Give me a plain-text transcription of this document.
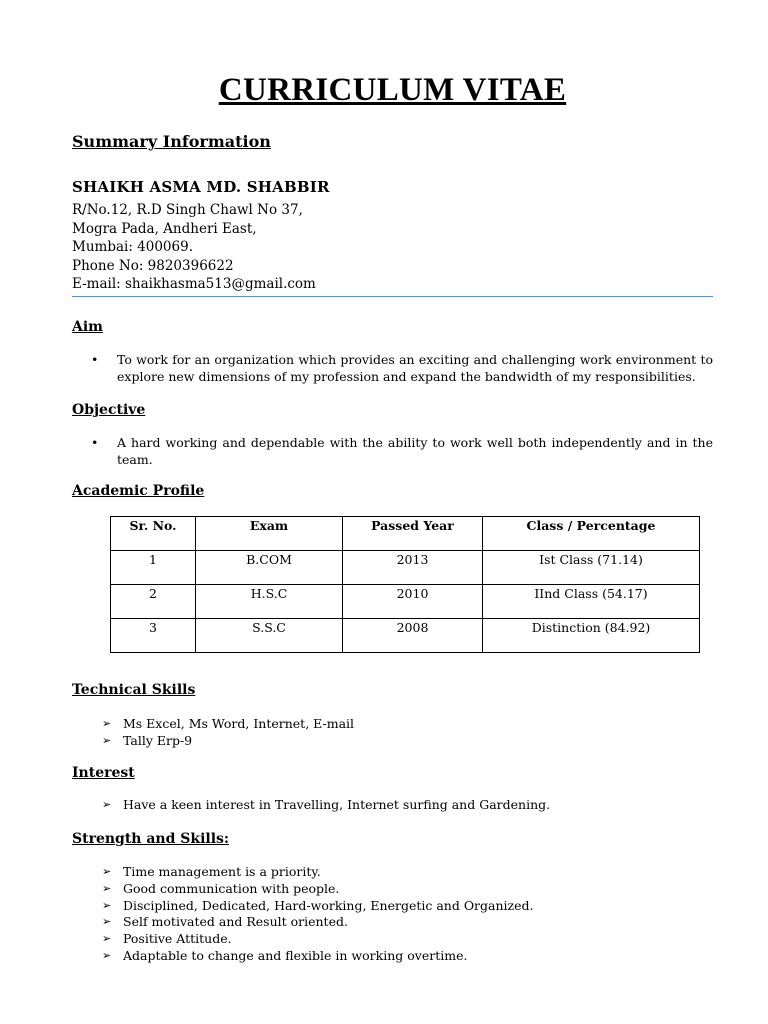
CURRICULUM VITAE
Summary Information
SHAIKH ASMA MD. SHABBIR
R/No.12, R.D Singh Chawl No 37,
Mogra Pada, Andheri East,
Mumbai: 400069.
Phone No: 9820396622
E-mail: shaikhasma513@gmail.com
Aim
• To work for an organization which provides an exciting and challenging work environment to explore new dimensions of my profession and expand the bandwidth of my responsibilities.
Objective
• A hard working and dependable with the ability to work well both independently and in the team.
Academic Profile
Sr. No.	Exam	Passed Year	Class / Percentage
1	B.COM	2013	Ist Class (71.14)
2	H.S.C	2010	IInd Class (54.17)
3	S.S.C	2008	Distinction (84.92)
Technical Skills
➢ Ms Excel, Ms Word, Internet, E-mail
➢ Tally Erp-9
Interest
➢ Have a keen interest in Travelling, Internet surfing and Gardening.
Strength and Skills:
➢ Time management is a priority.
➢ Good communication with people.
➢ Disciplined, Dedicated, Hard-working, Energetic and Organized.
➢ Self motivated and Result oriented.
➢ Positive Attitude.
➢ Adaptable to change and flexible in working overtime.
